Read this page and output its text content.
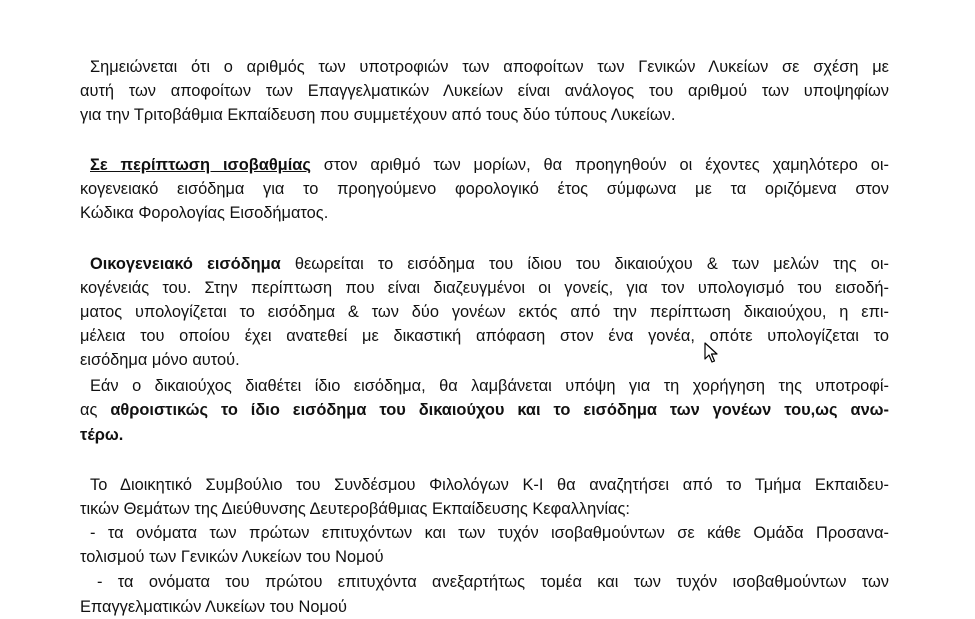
Σημειώνεται ότι ο αριθμός των υποτροφιών των αποφοίτων των Γενικών Λυκείων σε σχέση με
αυτή των αποφοίτων των Επαγγελματικών Λυκείων είναι ανάλογος του αριθμού των υποψηφίων
για την Τριτοβάθμια Εκπαίδευση που συμμετέχουν από τους δύο τύπους Λυκείων.
Σε περίπτωση ισοβαθμίας στον αριθμό των μορίων, θα προηγηθούν οι έχοντες χαμηλότερο οι-
κογενειακό εισόδημα για το προηγούμενο φορολογικό έτος σύμφωνα με τα οριζόμενα στον
Κώδικα Φορολογίας Εισοδήματος.
Οικογενειακό εισόδημα θεωρείται το εισόδημα του ίδιου του δικαιούχου & των μελών της οι-
κογένειάς του. Στην περίπτωση που είναι διαζευγμένοι οι γονείς, για τον υπολογισμό του εισοδή-
ματος υπολογίζεται το εισόδημα & των δύο γονέων εκτός από την περίπτωση δικαιούχου, η επι-
μέλεια του οποίου έχει ανατεθεί με δικαστική απόφαση στον ένα γονέα, οπότε υπολογίζεται το
εισόδημα μόνο αυτού.
Εάν ο δικαιούχος διαθέτει ίδιο εισόδημα, θα λαμβάνεται υπόψη για τη χορήγηση της υποτροφί-
ας αθροιστικώς το ίδιο εισόδημα του δικαιούχου και το εισόδημα των γονέων του,ως ανω-
τέρω.
Το Διοικητικό Συμβούλιο του Συνδέσμου Φιλολόγων Κ-Ι θα αναζητήσει από το Τμήμα Εκπαιδευ-
τικών Θεμάτων της Διεύθυνσης Δευτεροβάθμιας Εκπαίδευσης Κεφαλληνίας:
- τα ονόματα των πρώτων επιτυχόντων και των τυχόν ισοβαθμούντων σε κάθε Ομάδα Προσανα-
τολισμού των Γενικών Λυκείων του Νομού
- τα ονόματα του πρώτου επιτυχόντα ανεξαρτήτως τομέα και των τυχόν ισοβαθμούντων των
Επαγγελματικών Λυκείων του Νομού
